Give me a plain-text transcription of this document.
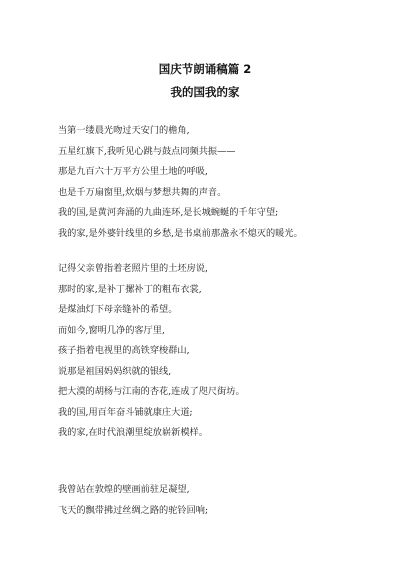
国庆节朗诵稿篇 2
我的国我的家
当第一缕晨光吻过天安门的檐角,
五星红旗下,我听见心跳与鼓点同频共振——
那是九百六十万平方公里土地的呼吸,
也是千万扇窗里,炊烟与梦想共舞的声音。
我的国,是黄河奔涌的九曲连环,是长城蜿蜒的千年守望;
我的家,是外婆针线里的乡愁,是书桌前那盏永不熄灭的暖光。
记得父亲曾指着老照片里的土坯房说,
那时的家,是补丁摞补丁的粗布衣裳,
是煤油灯下母亲缝补的希望。
而如今,窗明几净的客厅里,
孩子指着电视里的高铁穿梭群山,
说那是祖国妈妈织就的银线,
把大漠的胡杨与江南的杏花,连成了咫尺街坊。
我的国,用百年奋斗铺就康庄大道;
我的家,在时代浪潮里绽放崭新模样。
我曾站在敦煌的壁画前驻足凝望,
飞天的飘带拂过丝绸之路的驼铃回响;
